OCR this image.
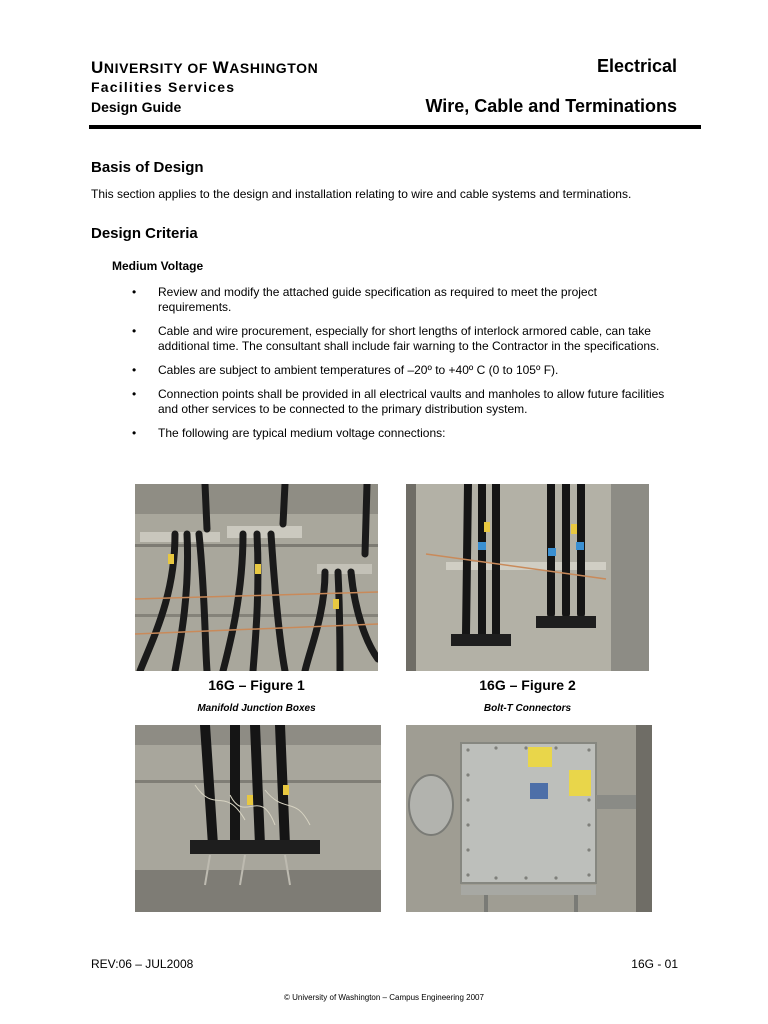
UNIVERSITY OF WASHINGTON
Facilities Services
Design Guide
Electrical
Wire, Cable and Terminations
Basis of Design
This section applies to the design and installation relating to wire and cable systems and terminations.
Design Criteria
Medium Voltage
• Review and modify the attached guide specification as required to meet the project requirements.
• Cable and wire procurement, especially for short lengths of interlock armored cable, can take additional time. The consultant shall include fair warning to the Contractor in the specifications.
• Cables are subject to ambient temperatures of –20º to +40º C (0 to 105º F).
• Connection points shall be provided in all electrical vaults and manholes to allow future facilities and other services to be connected to the primary distribution system.
• The following are typical medium voltage connections:
16G – Figure 1
Manifold Junction Boxes
16G – Figure 2
Bolt-T Connectors
REV:06 – JUL2008	16G - 01
© University of Washington – Campus Engineering 2007
